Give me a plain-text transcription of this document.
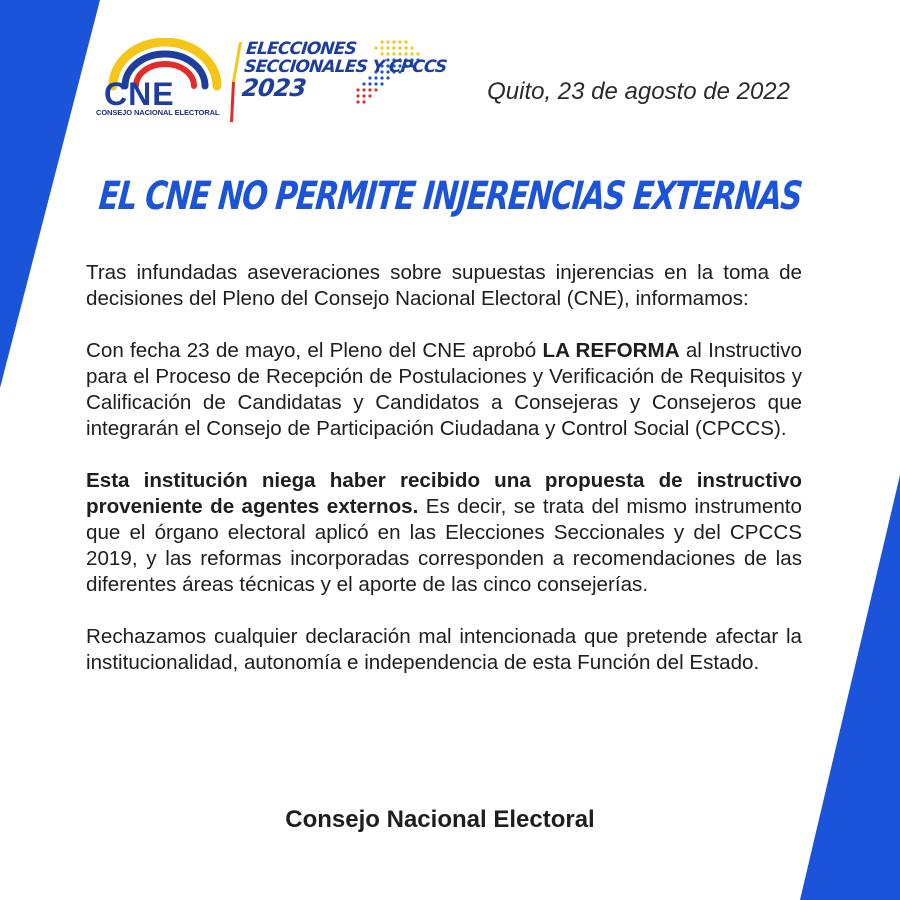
CNE
CONSEJO NACIONAL ELECTORAL
ELECCIONES
SECCIONALES Y CPCCS
2023	Quito, 23 de agosto de 2022
EL CNE NO PERMITE INJERENCIAS EXTERNAS

Tras infundadas aseveraciones sobre supuestas injerencias en la toma de decisiones del Pleno del Consejo Nacional Electoral (CNE), informamos:

Con fecha 23 de mayo, el Pleno del CNE aprobó LA REFORMA al Instructivo para el Proceso de Recepción de Postulaciones y Verificación de Requisitos y Calificación de Candidatas y Candidatos a Consejeras y Consejeros que integrarán el Consejo de Participación Ciudadana y Control Social (CPCCS).

Esta institución niega haber recibido una propuesta de instructivo proveniente de agentes externos. Es decir, se trata del mismo instrumento que el órgano electoral aplicó en las Elecciones Seccionales y del CPCCS 2019, y las reformas incorporadas corresponden a recomendaciones de las diferentes áreas técnicas y el aporte de las cinco consejerías.

Rechazamos cualquier declaración mal intencionada que pretende afectar la institucionalidad, autonomía e independencia de esta Función del Estado.

Consejo Nacional Electoral
